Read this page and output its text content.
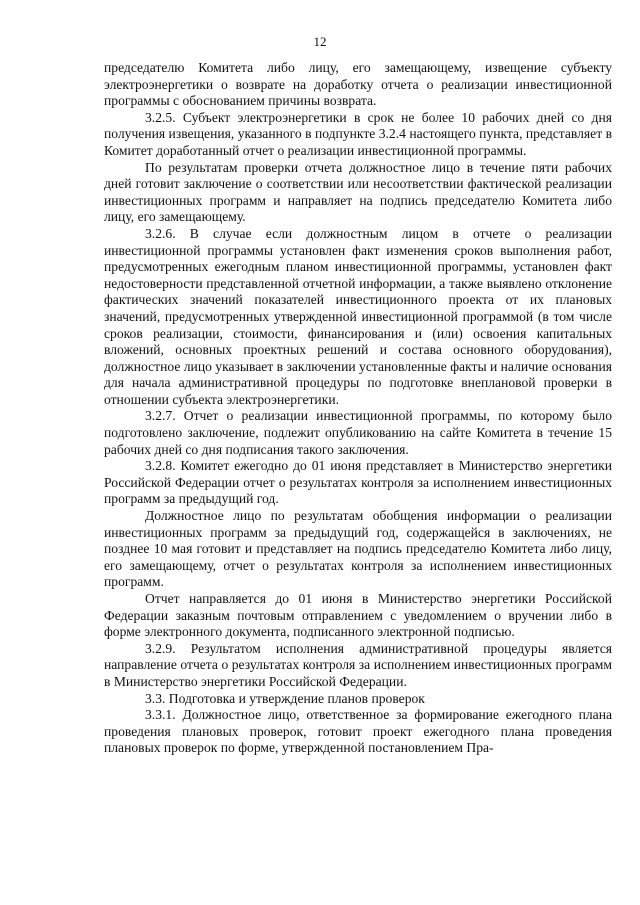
12

председателю Комитета либо лицу, его замещающему, извещение субъекту электроэнергетики о возврате на доработку отчета о реализации инвестиционной программы с обоснованием причины возврата.

3.2.5. Субъект электроэнергетики в срок не более 10 рабочих дней со дня получения извещения, указанного в подпункте 3.2.4 настоящего пункта, представляет в Комитет доработанный отчет о реализации инвестиционной программы.

По результатам проверки отчета должностное лицо в течение пяти рабочих дней готовит заключение о соответствии или несоответствии фактической реализации инвестиционных программ и направляет на подпись председателю Комитета либо лицу, его замещающему.

3.2.6. В случае если должностным лицом в отчете о реализации инвестиционной программы установлен факт изменения сроков выполнения работ, предусмотренных ежегодным планом инвестиционной программы, установлен факт недостоверности представленной отчетной информации, а также выявлено отклонение фактических значений показателей инвестиционного проекта от их плановых значений, предусмотренных утвержденной инвестиционной программой (в том числе сроков реализации, стоимости, финансирования и (или) освоения капитальных вложений, основных проектных решений и состава основного оборудования), должностное лицо указывает в заключении установленные факты и наличие основания для начала административной процедуры по подготовке внеплановой проверки в отношении субъекта электроэнергетики.

3.2.7. Отчет о реализации инвестиционной программы, по которому было подготовлено заключение, подлежит опубликованию на сайте Комитета в течение 15 рабочих дней со дня подписания такого заключения.

3.2.8. Комитет ежегодно до 01 июня представляет в Министерство энергетики Российской Федерации отчет о результатах контроля за исполнением инвестиционных программ за предыдущий год.

Должностное лицо по результатам обобщения информации о реализации инвестиционных программ за предыдущий год, содержащейся в заключениях, не позднее 10 мая готовит и представляет на подпись председателю Комитета либо лицу, его замещающему, отчет о результатах контроля за исполнением инвестиционных программ.

Отчет направляется до 01 июня в Министерство энергетики Российской Федерации заказным почтовым отправлением с уведомлением о вручении либо в форме электронного документа, подписанного электронной подписью.

3.2.9. Результатом исполнения административной процедуры является направление отчета о результатах контроля за исполнением инвестиционных программ в Министерство энергетики Российской Федерации.

3.3. Подготовка и утверждение планов проверок

3.3.1. Должностное лицо, ответственное за формирование ежегодного плана проведения плановых проверок, готовит проект ежегодного плана проведения плановых проверок по форме, утвержденной постановлением Пра-
